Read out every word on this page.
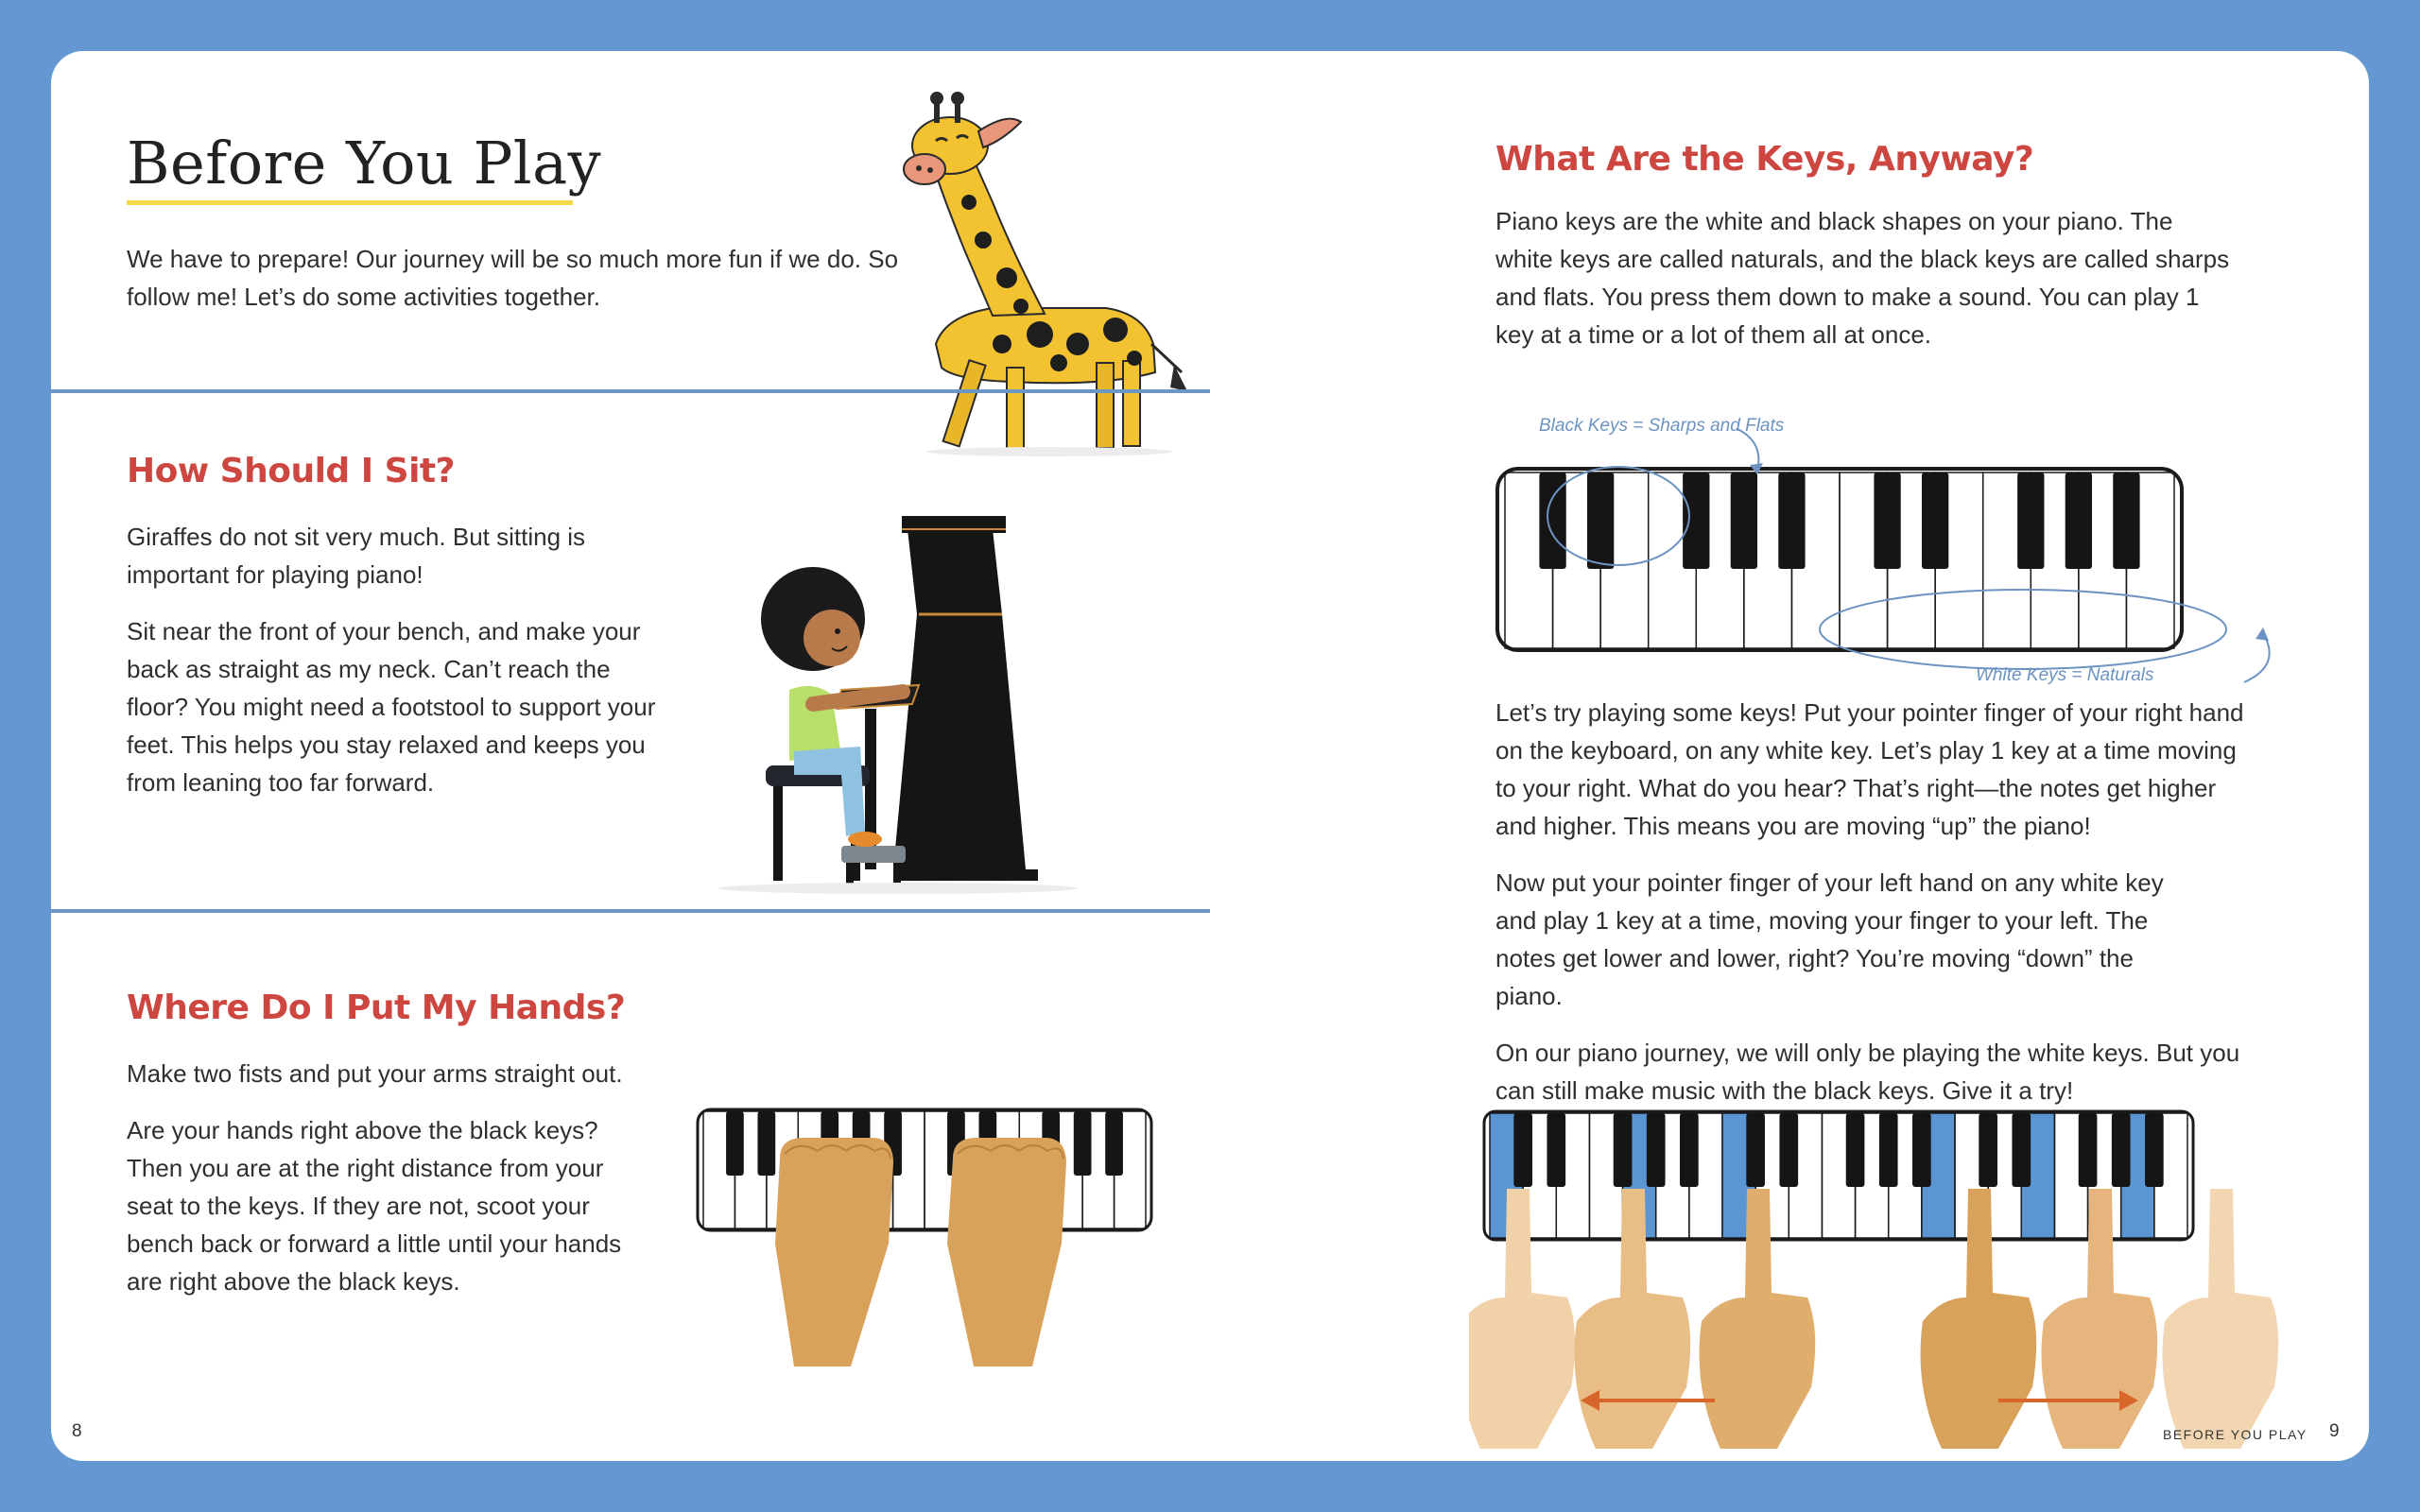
Before You Play
We have to prepare! Our journey will be so much more fun if we do. So follow me! Let’s do some activities together.
How Should I Sit?

Giraffes do not sit very much. But sitting is important for playing piano!

Sit near the front of your bench, and make your back as straight as my neck. Can’t reach the floor? You might need a footstool to support your feet. This helps you stay relaxed and keeps you from leaning too far forward.

Where Do I Put My Hands?

Make two fists and put your arms straight out.

Are your hands right above the black keys? Then you are at the right distance from your seat to the keys. If they are not, scoot your bench back or forward a little until your hands are right above the black keys.

8
What Are the Keys, Anyway?
Piano keys are the white and black shapes on your piano. The white keys are called naturals, and the black keys are called sharps and flats. You press them down to make a sound. You can play 1 key at a time or a lot of them all at once.
Black Keys = Sharps and Flats
White Keys = Naturals

Let’s try playing some keys! Put your pointer finger of your right hand on the keyboard, on any white key. Let’s play 1 key at a time moving to your right. What do you hear? That’s right—the notes get higher and higher. This means you are moving “up” the piano!

Now put your pointer finger of your left hand on any white key and play 1 key at a time, moving your finger to your left. The notes get lower and lower, right? You’re moving “down” the piano.

On our piano journey, we will only be playing the white keys. But you can still make music with the black keys. Give it a try!

BEFORE YOU PLAY 9
